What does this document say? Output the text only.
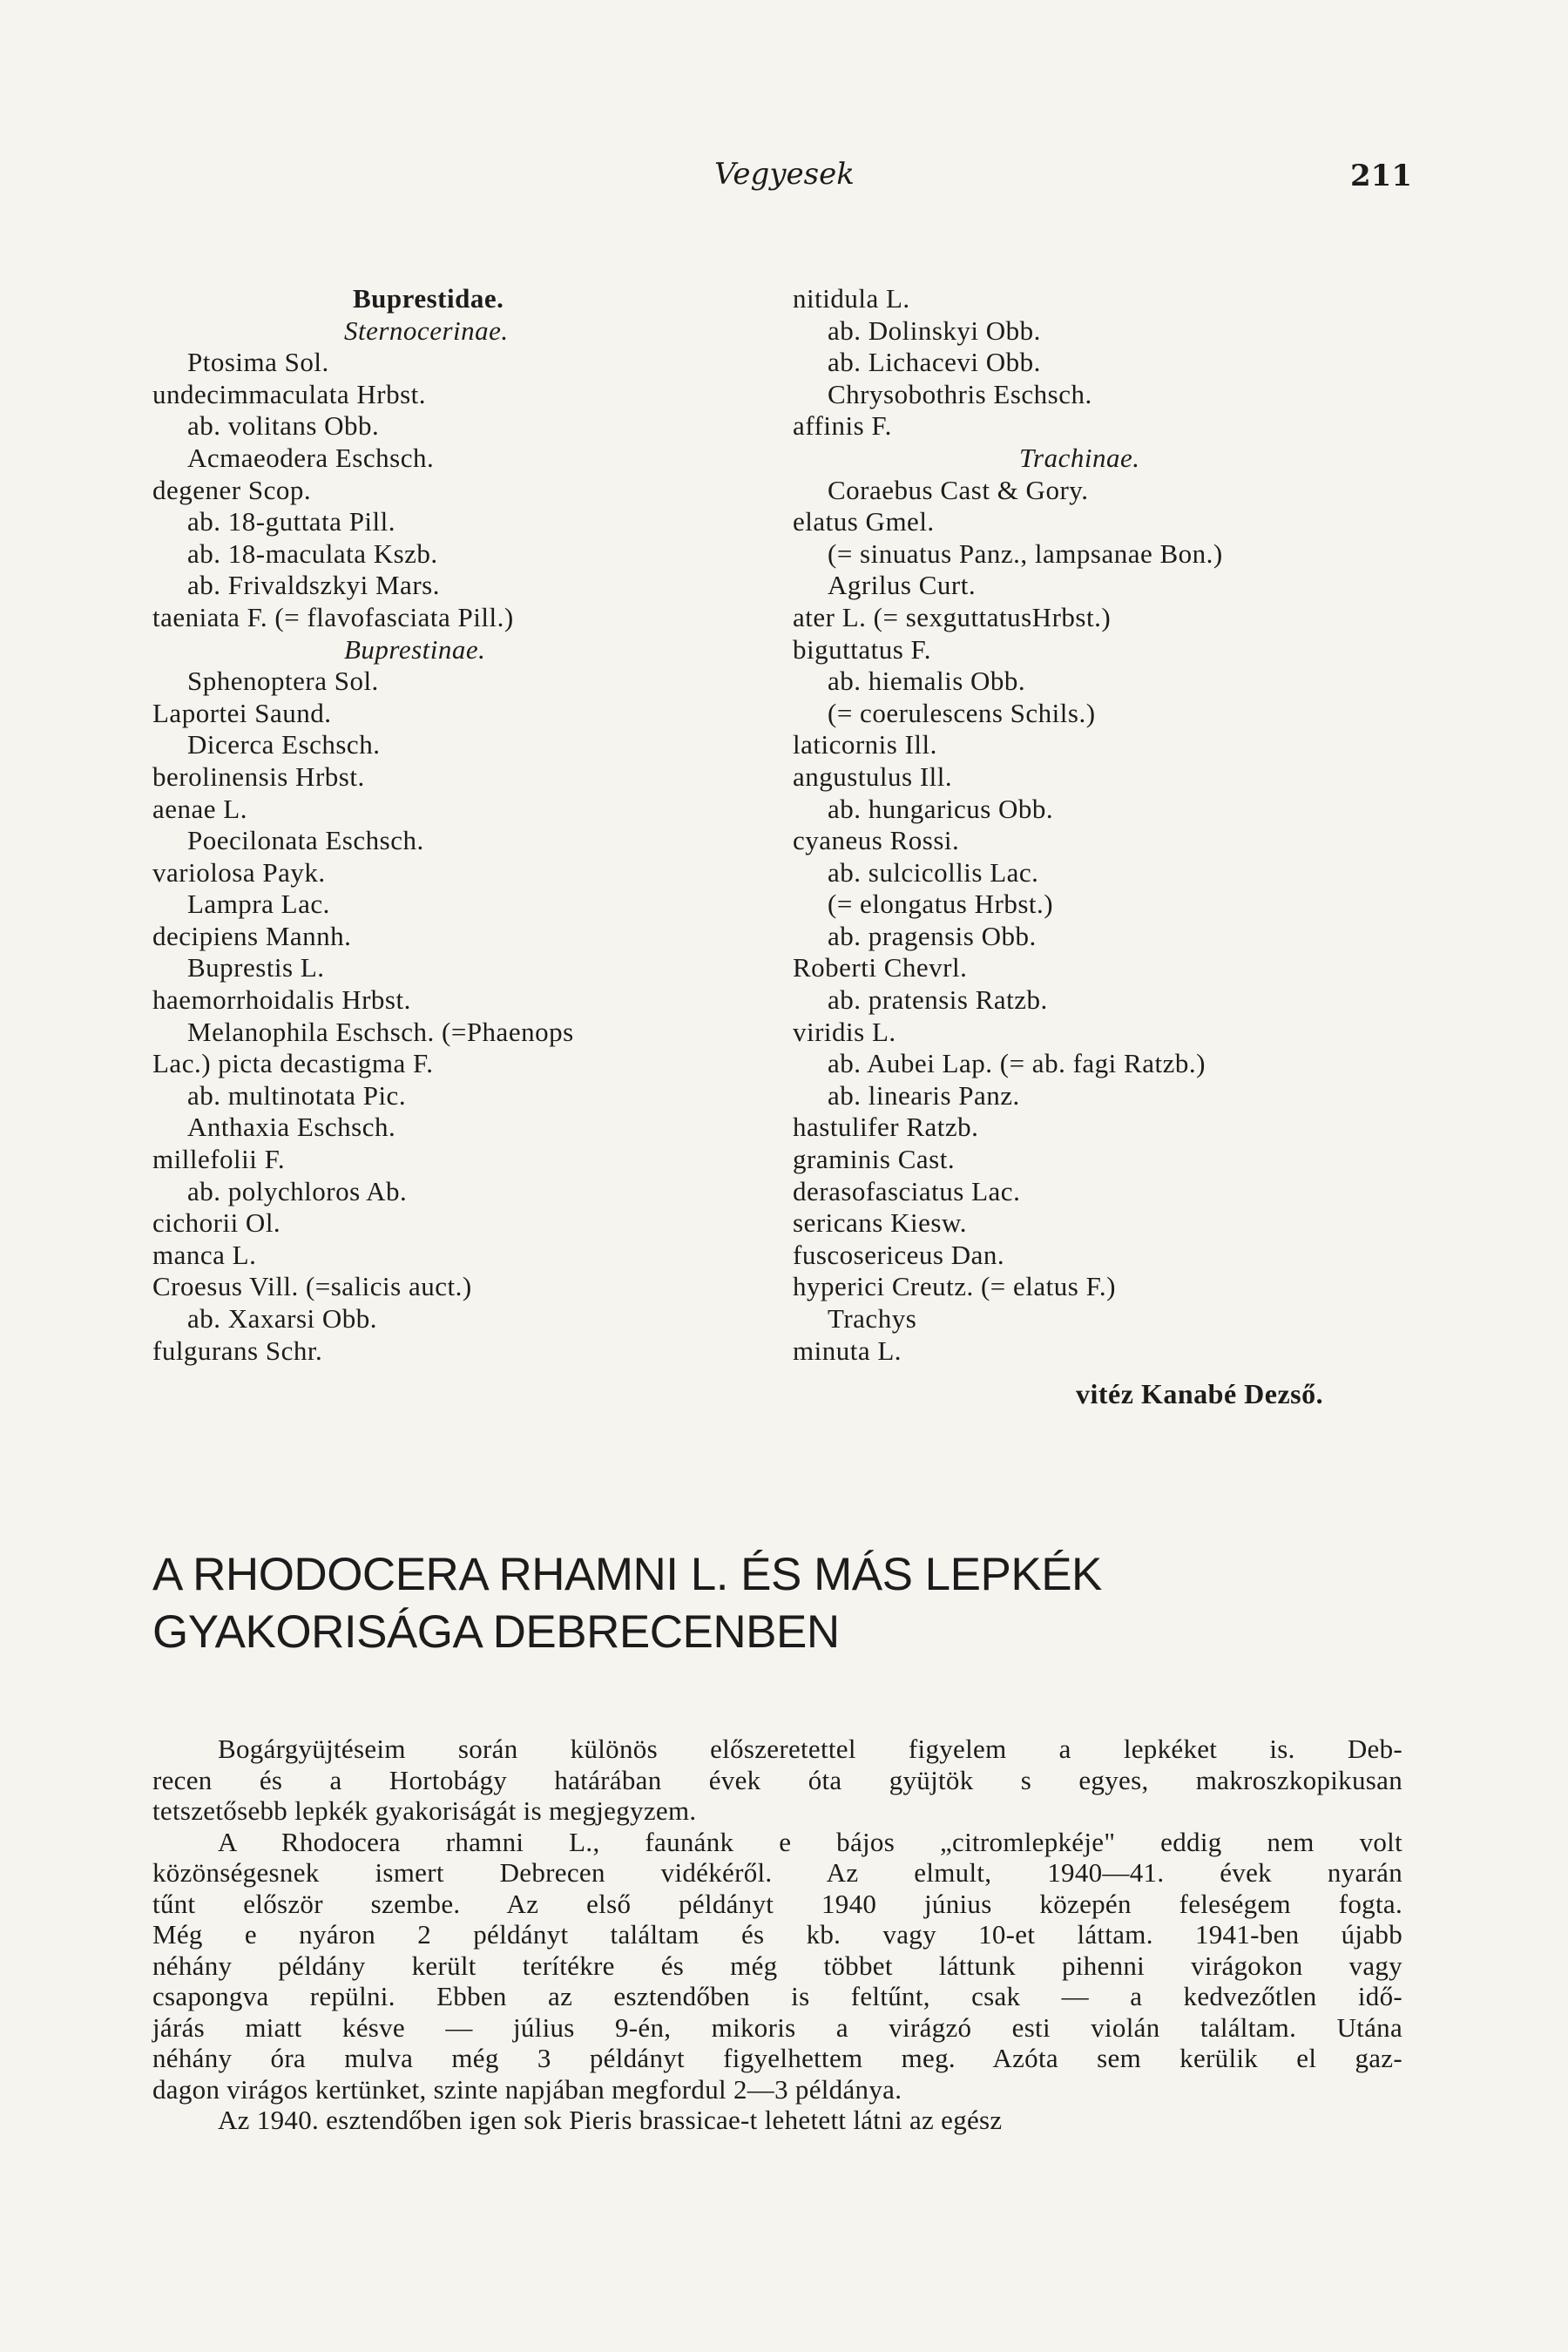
Vegyesek	211
Buprestidae.
Sternocerinae.
Ptosima Sol.
undecimmaculata Hrbst.
ab. volitans Obb.
Acmaeodera Eschsch.
degener Scop.
ab. 18-guttata Pill.
ab. 18-maculata Kszb.
ab. Frivaldszkyi Mars.
taeniata F. (= flavofasciata Pill.)
Buprestinae.
Sphenoptera Sol.
Laportei Saund.
Dicerca Eschsch.
berolinensis Hrbst.
aenae L.
Poecilonata Eschsch.
variolosa Payk.
Lampra Lac.
decipiens Mannh.
Buprestis L.
haemorrhoidalis Hrbst.
Melanophila Eschsch. (=Phaenops
Lac.) picta decastigma F.
ab. multinotata Pic.
Anthaxia Eschsch.
millefolii F.
ab. polychloros Ab.
cichorii Ol.
manca L.
Croesus Vill. (=salicis auct.)
ab. Xaxarsi Obb.
fulgurans Schr.
nitidula L.
ab. Dolinskyi Obb.
ab. Lichacevi Obb.
Chrysobothris Eschsch.
affinis F.
Trachinae.
Coraebus Cast & Gory.
elatus Gmel.
(= sinuatus Panz., lampsanae Bon.)
Agrilus Curt.
ater L. (= sexguttatusHrbst.)
biguttatus F.
ab. hiemalis Obb.
(= coerulescens Schils.)
laticornis Ill.
angustulus Ill.
ab. hungaricus Obb.
cyaneus Rossi.
ab. sulcicollis Lac.
(= elongatus Hrbst.)
ab. pragensis Obb.
Roberti Chevrl.
ab. pratensis Ratzb.
viridis L.
ab. Aubei Lap. (= ab. fagi Ratzb.)
ab. linearis Panz.
hastulifer Ratzb.
graminis Cast.
derasofasciatus Lac.
sericans Kiesw.
fuscosericeus Dan.
hyperici Creutz. (= elatus F.)
Trachys
minuta L.
vitéz Kanabé Dezső.
A RHODOCERA RHAMNI L. ÉS MÁS LEPKÉK
GYAKORISÁGA DEBRECENBEN
Bogárgyüjtéseim során különös előszeretettel figyelem a lepkéket is. Deb-
recen és a Hortobágy határában évek óta gyüjtök s egyes, makroszkopikusan
tetszetősebb lepkék gyakoriságát is megjegyzem.
A Rhodocera rhamni L., faunánk e bájos „citromlepkéje" eddig nem volt
közönségesnek ismert Debrecen vidékéről. Az elmult, 1940—41. évek nyarán
tűnt először szembe. Az első példányt 1940 június közepén feleségem fogta.
Még e nyáron 2 példányt találtam és kb. vagy 10-et láttam. 1941-ben újabb
néhány példány került terítékre és még többet láttunk pihenni virágokon vagy
csapongva repülni. Ebben az esztendőben is feltűnt, csak — a kedvezőtlen idő-
járás miatt késve — július 9-én, mikoris a virágzó esti violán találtam. Utána
néhány óra mulva még 3 példányt figyelhettem meg. Azóta sem kerülik el gaz-
dagon virágos kertünket, szinte napjában megfordul 2—3 példánya.
Az 1940. esztendőben igen sok Pieris brassicae-t lehetett látni az egész
